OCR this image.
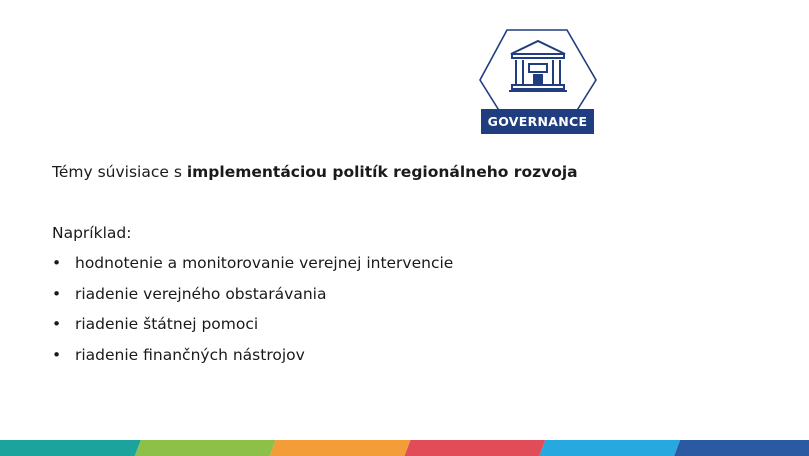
GOVERNANCE
Témy súvisiace s implementáciou politík regionálneho rozvoja
Napríklad:
• hodnotenie a monitorovanie verejnej intervencie
• riadenie verejného obstarávania
• riadenie štátnej pomoci
• riadenie finančných nástrojov
